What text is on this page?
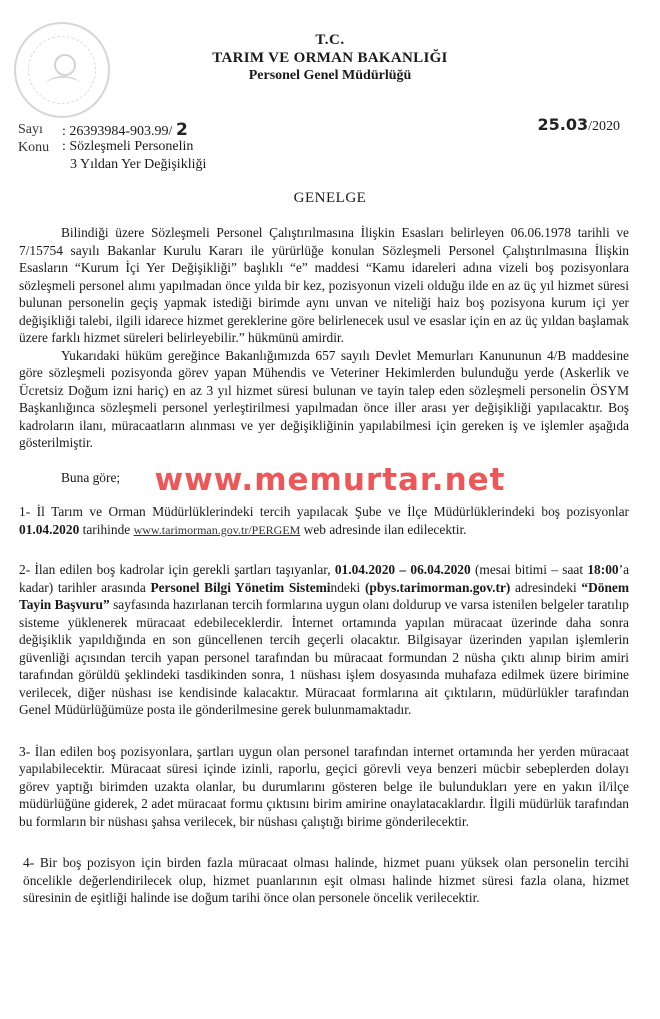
T.C.
TARIM VE ORMAN BAKANLIĞI
Personel Genel Müdürlüğü
Sayı
Konu
: 26393984-903.99/ 2
: Sözleşmeli Personelin
3 Yıldan Yer Değişikliği
25.03/2020
GENELGE

Bilindiği üzere Sözleşmeli Personel Çalıştırılmasına İlişkin Esasları belirleyen 06.06.1978 tarihli ve 7/15754 sayılı Bakanlar Kurulu Kararı ile yürürlüğe konulan Sözleşmeli Personel Çalıştırılmasına İlişkin Esasların “Kurum İçi Yer Değişikliği” başlıklı “e” maddesi “Kamu idareleri adına vizeli boş pozisyonlara sözleşmeli personel alımı yapılmadan önce yılda bir kez, pozisyonun vizeli olduğu ilde en az üç yıl hizmet süresi bulunan personelin geçiş yapmak istediği birimde aynı unvan ve niteliği haiz boş pozisyona kurum içi yer değişikliği talebi, ilgili idarece hizmet gereklerine göre belirlenecek usul ve esaslar için en az üç yıldan başlamak üzere farklı hizmet süreleri belirleyebilir.” hükmünü amirdir.

Yukarıdaki hüküm gereğince Bakanlığımızda 657 sayılı Devlet Memurları Kanununun 4/B maddesine göre sözleşmeli pozisyonda görev yapan Mühendis ve Veteriner Hekimlerden bulunduğu yerde (Askerlik ve Ücretsiz Doğum izni hariç) en az 3 yıl hizmet süresi bulunan ve tayin talep eden sözleşmeli personelin ÖSYM Başkanlığınca sözleşmeli personel yerleştirilmesi yapılmadan önce iller arası yer değişikliği yapılacaktır. Boş kadroların ilanı, müracaatların alınması ve yer değişikliğinin yapılabilmesi için gereken iş ve işlemler aşağıda gösterilmiştir.

Buna göre;

1- İl Tarım ve Orman Müdürlüklerindeki tercih yapılacak Şube ve İlçe Müdürlüklerindeki boş pozisyonlar 01.04.2020 tarihinde www.tarimorman.gov.tr/PERGEM web adresinde ilan edilecektir.

2- İlan edilen boş kadrolar için gerekli şartları taşıyanlar, 01.04.2020 – 06.04.2020 (mesai bitimi – saat 18:00’a kadar) tarihler arasında Personel Bilgi Yönetim Sistemindeki (pbys.tarimorman.gov.tr) adresindeki “Dönem Tayin Başvuru” sayfasında hazırlanan tercih formlarına uygun olanı doldurup ve varsa istenilen belgeler taratılıp sisteme yüklenerek müracaat edebileceklerdir. İnternet ortamında yapılan müracaat üzerinde daha sonra değişiklik yapıldığında en son güncellenen tercih geçerli olacaktır. Bilgisayar üzerinden yapılan işlemlerin güvenliği açısından tercih yapan personel tarafından bu müracaat formundan 2 nüsha çıktı alınıp birim amiri tarafından görüldü şeklindeki tasdikinden sonra, 1 nüshası işlem dosyasında muhafaza edilmek üzere birimine verilecek, diğer nüshası ise kendisinde kalacaktır. Müracaat formlarına ait çıktıların, müdürlükler tarafından Genel Müdürlüğümüze posta ile gönderilmesine gerek bulunmamaktadır.

3- İlan edilen boş pozisyonlara, şartları uygun olan personel tarafından internet ortamında her yerden müracaat yapılabilecektir. Müracaat süresi içinde izinli, raporlu, geçici görevli veya benzeri mücbir sebeplerden dolayı görev yaptığı birimden uzakta olanlar, bu durumlarını gösteren belge ile bulundukları yere en yakın il/ilçe müdürlüğüne giderek, 2 adet müracaat formu çıktısını birim amirine onaylatacaklardır. İlgili müdürlük tarafından bu formların bir nüshası şahsa verilecek, bir nüshası çalıştığı birime gönderilecektir.

4- Bir boş pozisyon için birden fazla müracaat olması halinde, hizmet puanı yüksek olan personelin tercihi öncelikle değerlendirilecek olup, hizmet puanlarının eşit olması halinde hizmet süresi fazla olana, hizmet süresinin de eşitliği halinde ise doğum tarihi önce olan personele öncelik verilecektir.

www.memurtar.net
